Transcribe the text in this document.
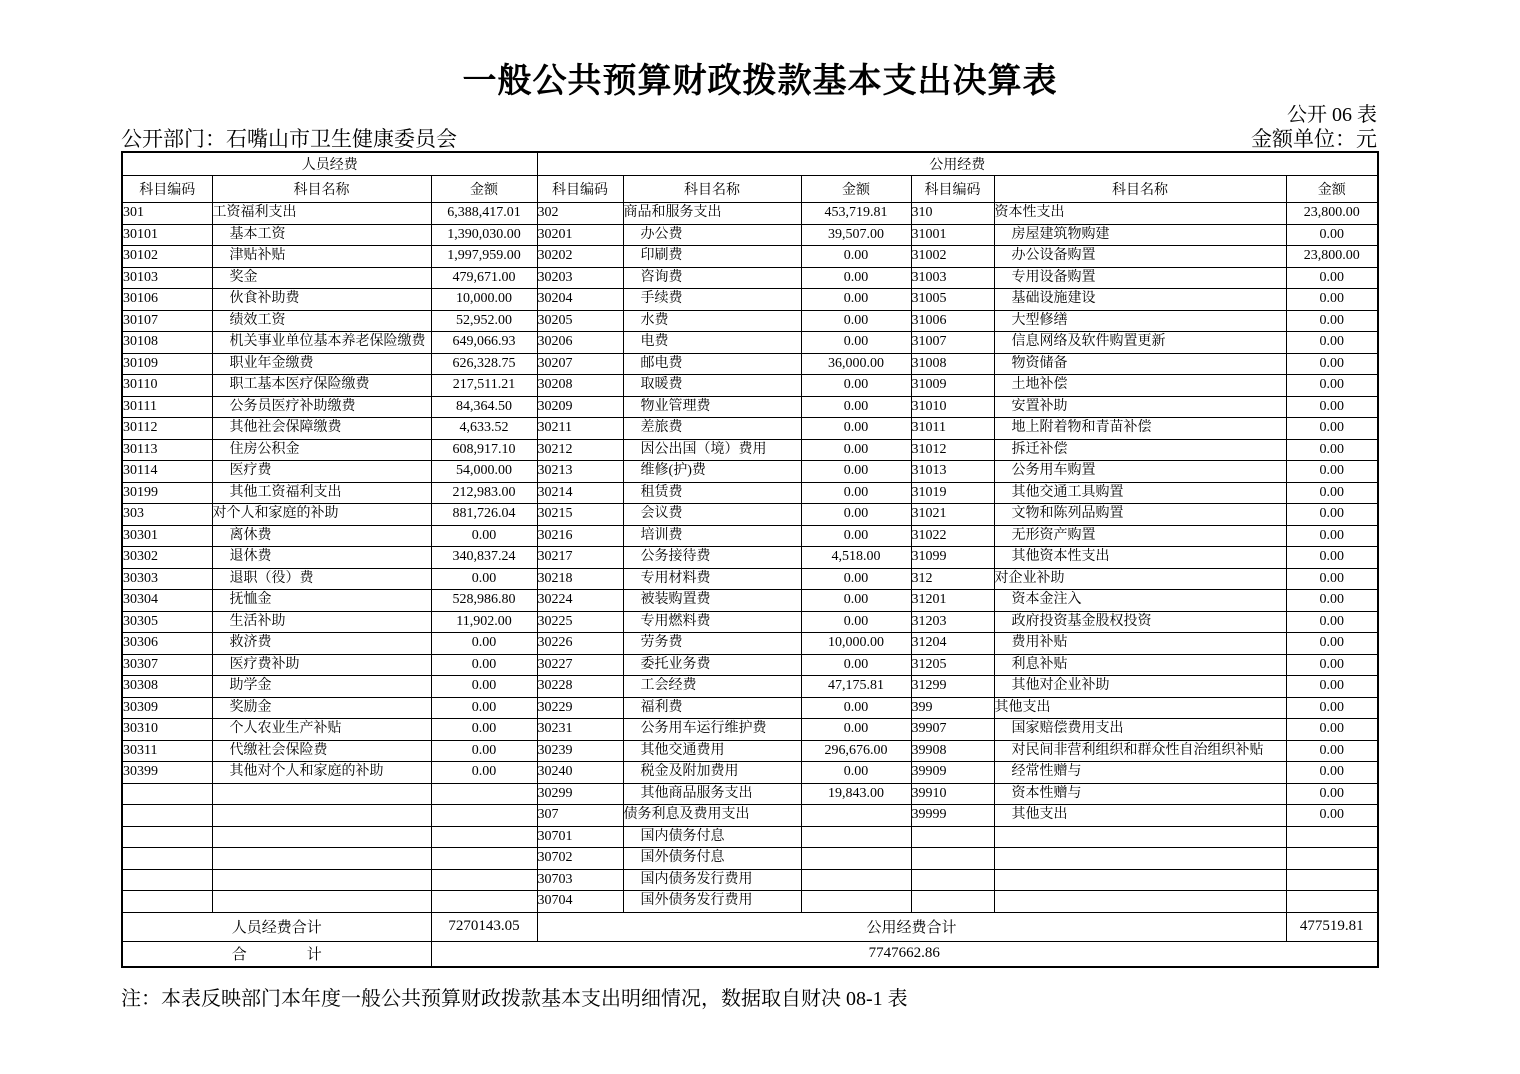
一般公共预算财政拨款基本支出决算表
公开 06 表
公开部门：石嘴山市卫生健康委员会	金额单位：元
人员经费			公用经费					
科目编码	科目名称	金额	科目编码	科目名称	金额	科目编码	科目名称	金额
301	工资福利支出	6,388,417.01	302	商品和服务支出	453,719.81	310	资本性支出	23,800.00
30101	基本工资	1,390,030.00	30201	办公费	39,507.00	31001	房屋建筑物购建	0.00
30102	津贴补贴	1,997,959.00	30202	印刷费	0.00	31002	办公设备购置	23,800.00
30103	奖金	479,671.00	30203	咨询费	0.00	31003	专用设备购置	0.00
30106	伙食补助费	10,000.00	30204	手续费	0.00	31005	基础设施建设	0.00
30107	绩效工资	52,952.00	30205	水费	0.00	31006	大型修缮	0.00
30108	机关事业单位基本养老保险缴费	649,066.93	30206	电费	0.00	31007	信息网络及软件购置更新	0.00
30109	职业年金缴费	626,328.75	30207	邮电费	36,000.00	31008	物资储备	0.00
30110	职工基本医疗保险缴费	217,511.21	30208	取暖费	0.00	31009	土地补偿	0.00
30111	公务员医疗补助缴费	84,364.50	30209	物业管理费	0.00	31010	安置补助	0.00
30112	其他社会保障缴费	4,633.52	30211	差旅费	0.00	31011	地上附着物和青苗补偿	0.00
30113	住房公积金	608,917.10	30212	因公出国（境）费用	0.00	31012	拆迁补偿	0.00
30114	医疗费	54,000.00	30213	维修(护)费	0.00	31013	公务用车购置	0.00
30199	其他工资福利支出	212,983.00	30214	租赁费	0.00	31019	其他交通工具购置	0.00
303	对个人和家庭的补助	881,726.04	30215	会议费	0.00	31021	文物和陈列品购置	0.00
30301	离休费	0.00	30216	培训费	0.00	31022	无形资产购置	0.00
30302	退休费	340,837.24	30217	公务接待费	4,518.00	31099	其他资本性支出	0.00
30303	退职（役）费	0.00	30218	专用材料费	0.00	312	对企业补助	0.00
30304	抚恤金	528,986.80	30224	被装购置费	0.00	31201	资本金注入	0.00
30305	生活补助	11,902.00	30225	专用燃料费	0.00	31203	政府投资基金股权投资	0.00
30306	救济费	0.00	30226	劳务费	10,000.00	31204	费用补贴	0.00
30307	医疗费补助	0.00	30227	委托业务费	0.00	31205	利息补贴	0.00
30308	助学金	0.00	30228	工会经费	47,175.81	31299	其他对企业补助	0.00
30309	奖励金	0.00	30229	福利费	0.00	399	其他支出	0.00
30310	个人农业生产补贴	0.00	30231	公务用车运行维护费	0.00	39907	国家赔偿费用支出	0.00
30311	代缴社会保险费	0.00	30239	其他交通费用	296,676.00	39908	对民间非营利组织和群众性自治组织补贴	0.00
30399	其他对个人和家庭的补助	0.00	30240	税金及附加费用	0.00	39909	经常性赠与	0.00
			30299	其他商品服务支出	19,843.00	39910	资本性赠与	0.00
			307	债务利息及费用支出		39999	其他支出	0.00
			30701	国内债务付息				
			30702	国外债务付息				
			30703	国内债务发行费用				
			30704	国外债务发行费用				
人员经费合计		7270143.05	公用经费合计					477519.81
合　　　　计		7747662.86						
注：本表反映部门本年度一般公共预算财政拨款基本支出明细情况，数据取自财决 08-1 表
